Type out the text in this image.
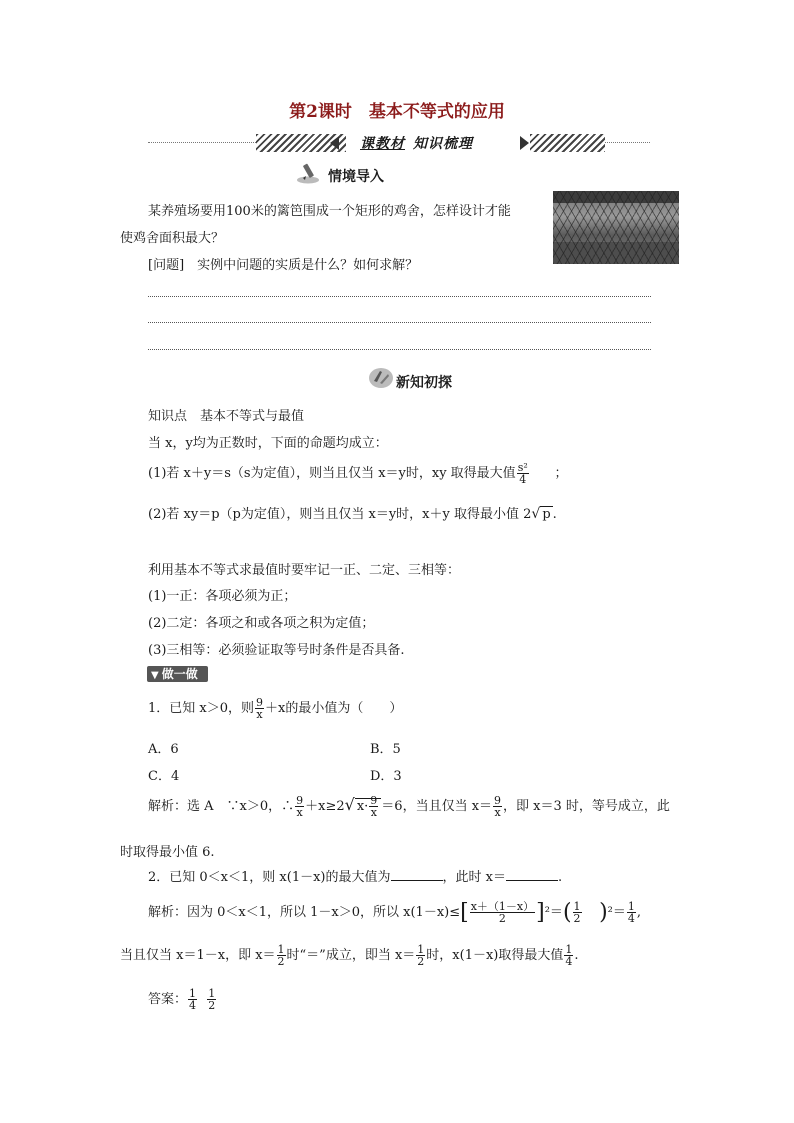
第2课时　基本不等式的应用
课教材 知识梳理
情境导入
某养殖场要用100米的篱笆围成一个矩形的鸡舍，怎样设计才能
使鸡舍面积最大？
[问题]　实例中问题的实质是什么？如何求解？
新知初探
知识点　基本不等式与最值
当 x，y均为正数时，下面的命题均成立：
(1)若 x＋y＝s（s为定值），则当且仅当 x＝y时，xy 取得最大值 $\frac{\text{s²}}{4}$ ；
(2)若 xy＝p（p为定值），则当且仅当 x＝y时，x＋y 取得最小值 2√ p .
利用基本不等式求最值时要牢记一正、二定、三相等：
(1)一正：各项必须为正；
(2)二定：各项之和或各项之积为定值；
(3)三相等：必须验证取等号时条件是否具备.
▼ 做一做
1．已知 x＞0，则 $\frac{9}{x} +x$的最小值为（　　）
A．6	B．5
C．4	D．3
解析：选 A　∵x＞0，∴ $\frac{9}{x} +x\ge 2√$ $x\cdot \frac{9}{x} =6$，当且仅当 $x= \frac{9}{x}$ ，即 x＝3 时，等号成立，此
时取得最小值 6.
2．已知 0＜x＜1，则 x(1－x)的最大值为	，此时 x＝	.
解析：因为 0＜x＜1，所以 1－x＞0，所以 $x(1-x)\le[ \frac{x+(1-x)}{2} ]^2=( \frac{1}{2} )^2= \frac{1}{4}$ ,
当且仅当 x＝1－x，即 $x= \frac{1}{2}$ 时“＝”成立，即当 $x= \frac{1}{2}$ 时，x(1－x)取得最大值 $\frac{1}{4}$ .
答案： $\frac{1}{4}$
$\frac{1}{2}$
